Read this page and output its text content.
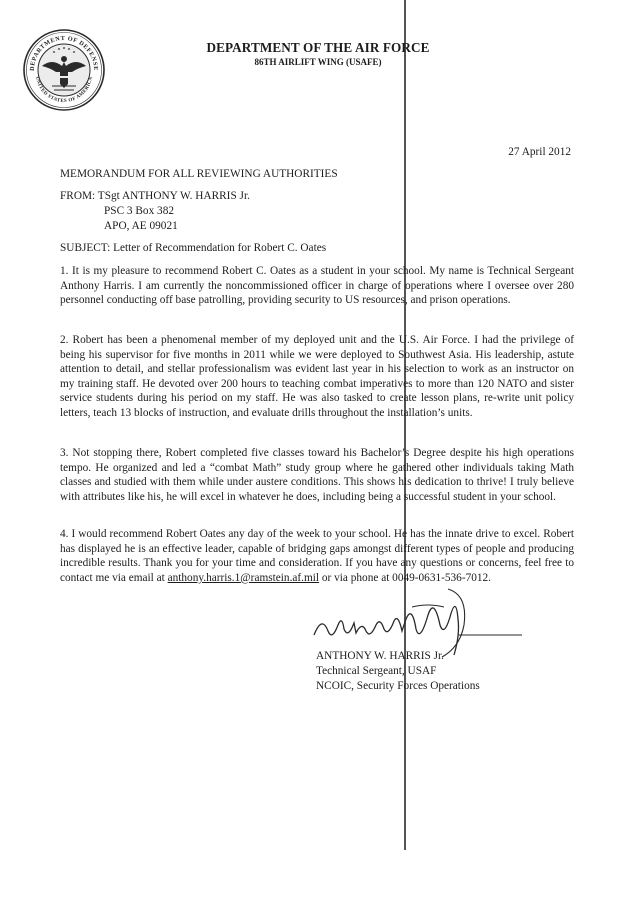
DEPARTMENT OF DEFENSE
UNITED STATES OF AMERICA
DEPARTMENT OF THE AIR FORCE
86TH AIRLIFT WING (USAFE)
27 April 2012
MEMORANDUM FOR ALL REVIEWING AUTHORITIES
FROM: TSgt ANTHONY W. HARRIS Jr.
PSC 3 Box 382
APO, AE 09021
SUBJECT: Letter of Recommendation for Robert C. Oates
1. It is my pleasure to recommend Robert C. Oates as a student in your school. My name is Technical Sergeant Anthony Harris. I am currently the noncommissioned officer in charge of operations where I oversee over 280 personnel conducting off base patrolling, providing security to US resources, and prison operations.
2. Robert has been a phenomenal member of my deployed unit and the U.S. Air Force. I had the privilege of being his supervisor for five months in 2011 while we were deployed to Southwest Asia. His leadership, astute attention to detail, and stellar professionalism was evident last year in his selection to work as an instructor on my training staff. He devoted over 200 hours to teaching combat imperatives to more than 120 NATO and sister service students during his period on my staff. He was also tasked to create lesson plans, re-write unit policy letters, teach 13 blocks of instruction, and evaluate drills throughout the installation’s units.
3. Not stopping there, Robert completed five classes toward his Bachelor’s Degree despite his high operations tempo. He organized and led a “combat Math” study group where he gathered other individuals taking Math classes and studied with them while under austere conditions. This shows his dedication to thrive! I truly believe with attributes like his, he will excel in whatever he does, including being a successful student in your school.
4. I would recommend Robert Oates any day of the week to your school. He has the innate drive to excel. Robert has displayed he is an effective leader, capable of bridging gaps amongst different types of people and producing incredible results. Thank you for your time and consideration. If you have any questions or concerns, feel free to contact me via email at anthony.harris.1@ramstein.af.mil or via phone at 0049-0631-536-7012.
ANTHONY W. HARRIS Jr.
Technical Sergeant, USAF
NCOIC, Security Forces Operations
